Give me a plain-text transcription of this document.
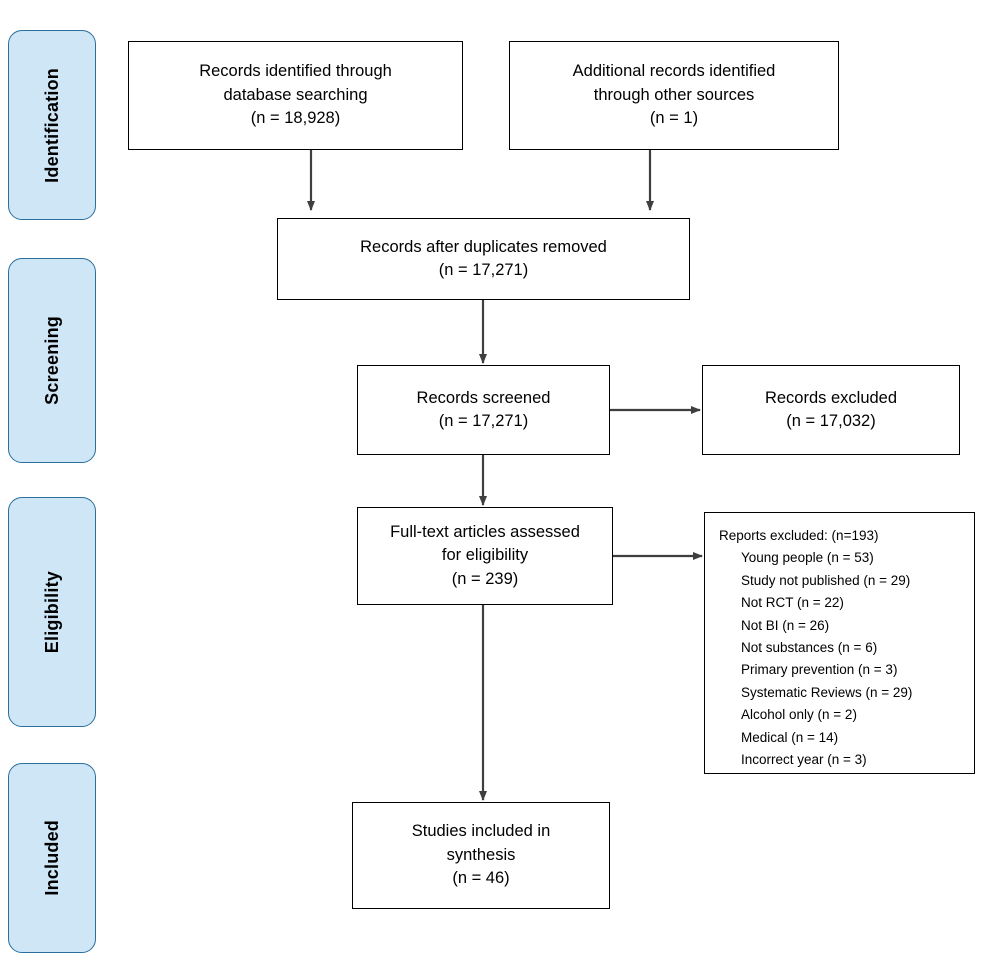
Identification
Screening
Eligibility
Included
Records identified through
database searching
(n = 18,928)
Additional records identified
through other sources
(n = 1)
Records after duplicates removed
(n = 17,271)
Records screened
(n = 17,271)
Records excluded
(n = 17,032)
Full-text articles assessed
for eligibility
(n = 239)
Reports excluded: (n=193)
Young people (n = 53)
Study not published (n = 29)
Not RCT (n = 22)
Not BI (n = 26)
Not substances (n = 6)
Primary prevention (n = 3)
Systematic Reviews (n = 29)
Alcohol only (n = 2)
Medical (n = 14)
Incorrect year (n = 3)
Studies included in
synthesis
(n = 46)
